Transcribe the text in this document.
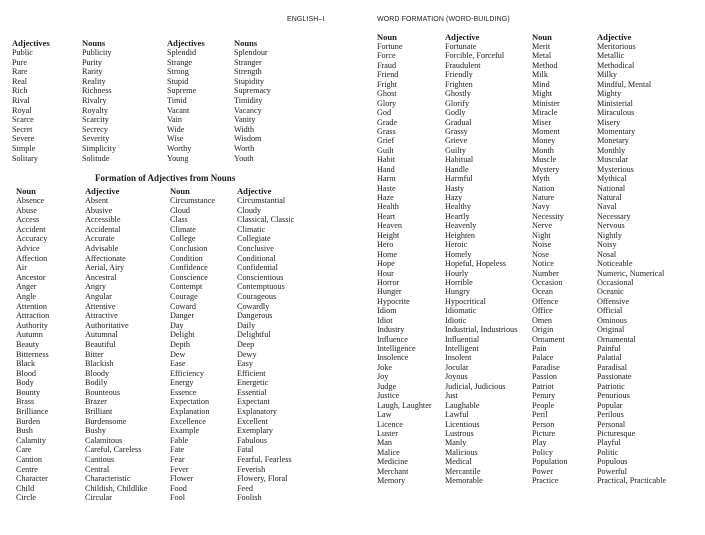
ENGLISH–I	WORD FORMATION (WORD-BUILDING)
Adjectives
Public
Pure
Rare
Real
Rich
Rival
Royal
Scarce
Secret
Severe
Simple
Solitary
Nouns
Publicity
Purity
Rarity
Reality
Richness
Rivalry
Royalty
Scarcity
Secrecy
Severity
Simplicity
Solitude
Adjectives
Splendid
Strange
Strong
Stupid
Supreme
Timid
Vacant
Vain
Wide
Wise
Worthy
Young
Nouns
Splendour
Stranger
Strength
Stupidity
Supremacy
Timidity
Vacancy
Vanity
Width
Wisdom
Worth
Youth
Formation of Adjectives from Nouns
Noun
Absence
Abuse
Access
Accident
Accuracy
Advice
Affection
Air
Ancestor
Anger
Angle
Attention
Attraction
Authority
Autumn
Beauty
Bitterness
Black
Blood
Body
Bounty
Brass
Brilliance
Burden
Bush
Calamity
Care
Cantion
Centre
Character
Child
Circle
Adjective
Absent
Abusive
Accessible
Accidental
Accurate
Advisable
Affectionate
Aerial, Airy
Ancestral
Angry
Angular
Attentive
Attractive
Authoritative
Autumnal
Beautiful
Bitter
Blackish
Bloody
Bodily
Bounteous
Brazer
Brilliant
Burdensome
Bushy
Calamitous
Careful, Careless
Cantious
Central
Characteristic
Childish, Childlike
Circular
Noun
Circumstance
Cloud
Class
Climate
College
Conclusion
Condition
Confidence
Conscience
Contempt
Courage
Coward
Danger
Day
Delight
Depth
Dew
Ease
Efficiency
Energy
Essence
Expectation
Explanation
Excellence
Example
Fable
Fate
Fear
Fever
Flower
Food
Fool
Adjective
Circumstantial
Cloudy
Classical, Classic
Climatic
Collegiate
Conclusive
Conditional
Confidential
Conscientious
Contemptuous
Courageous
Cowardly
Dangerous
Daily
Delightful
Deep
Dewy
Easy
Efficient
Energetic
Essential
Expectant
Explanatory
Excellent
Exemplary
Fabulous
Fatal
Fearful, Fearless
Feverish
Flowery, Floral
Feed
Foolish
Noun
Fortune
Force
Fraud
Friend
Fright
Ghost
Glory
God
Grade
Grass
Grief
Guilt
Habit
Hand
Harm
Haste
Haze
Health
Heart
Heaven
Height
Hero
Home
Hope
Hour
Horror
Hunger
Hypocrite
Idiom
Idiot
Industry
Influence
Intelligence
Insolence
Joke
Joy
Judge
Justice
Laugh, Laughter
Law
Licence
Luster
Man
Malice
Medicine
Merchant
Memory
Adjective
Fortunate
Forcible, Forceful
Fraudulent
Friendly
Frighten
Ghostly
Glorify
Godly
Gradual
Grassy
Grieve
Guilty
Habitual
Handle
Harmful
Hasty
Hazy
Healthy
Heartly
Heavenly
Heighten
Heroic
Homely
Hopeful, Hopeless
Hourly
Horrible
Hungry
Hypocritical
Idiomatic
Idiotic
Industrial, Industrious
Influential
Intelligent
Insolent
Jocular
Joyous
Judicial, Judicious
Just
Laughable
Lawful
Licentious
Lustrous
Manly
Malicious
Medical
Mercantile
Memorable
Noun
Merit
Metal
Method
Milk
Mind
Might
Minister
Miracle
Miser
Moment
Money
Month
Muscle
Mystery
Myth
Nation
Nature
Navy
Necessity
Nerve
Night
Noise
Nose
Notice
Number
Occasion
Ocean
Offence
Office
Omen
Origin
Ornament
Pain
Palace
Paradise
Passion
Patriot
Penury
People
Peril
Person
Picture
Play
Policy
Population
Power
Practice
Adjective
Meritorious
Metallic
Methodical
Milky
Mindful, Mental
Mighty
Ministerial
Miraculous
Misery
Momentary
Monetary
Monthly
Muscular
Mysterious
Mythical
National
Natural
Naval
Necessary
Nervous
Nightly
Noisy
Nosal
Noticeable
Numeric, Numerical
Occasional
Oceanic
Offensive
Official
Ominous
Original
Ornamental
Painful
Palatial
Paradisal
Passionate
Patriotic
Penurious
Popular
Perilous
Personal
Picturesque
Playful
Politic
Populous
Powerful
Practical, Practicable
